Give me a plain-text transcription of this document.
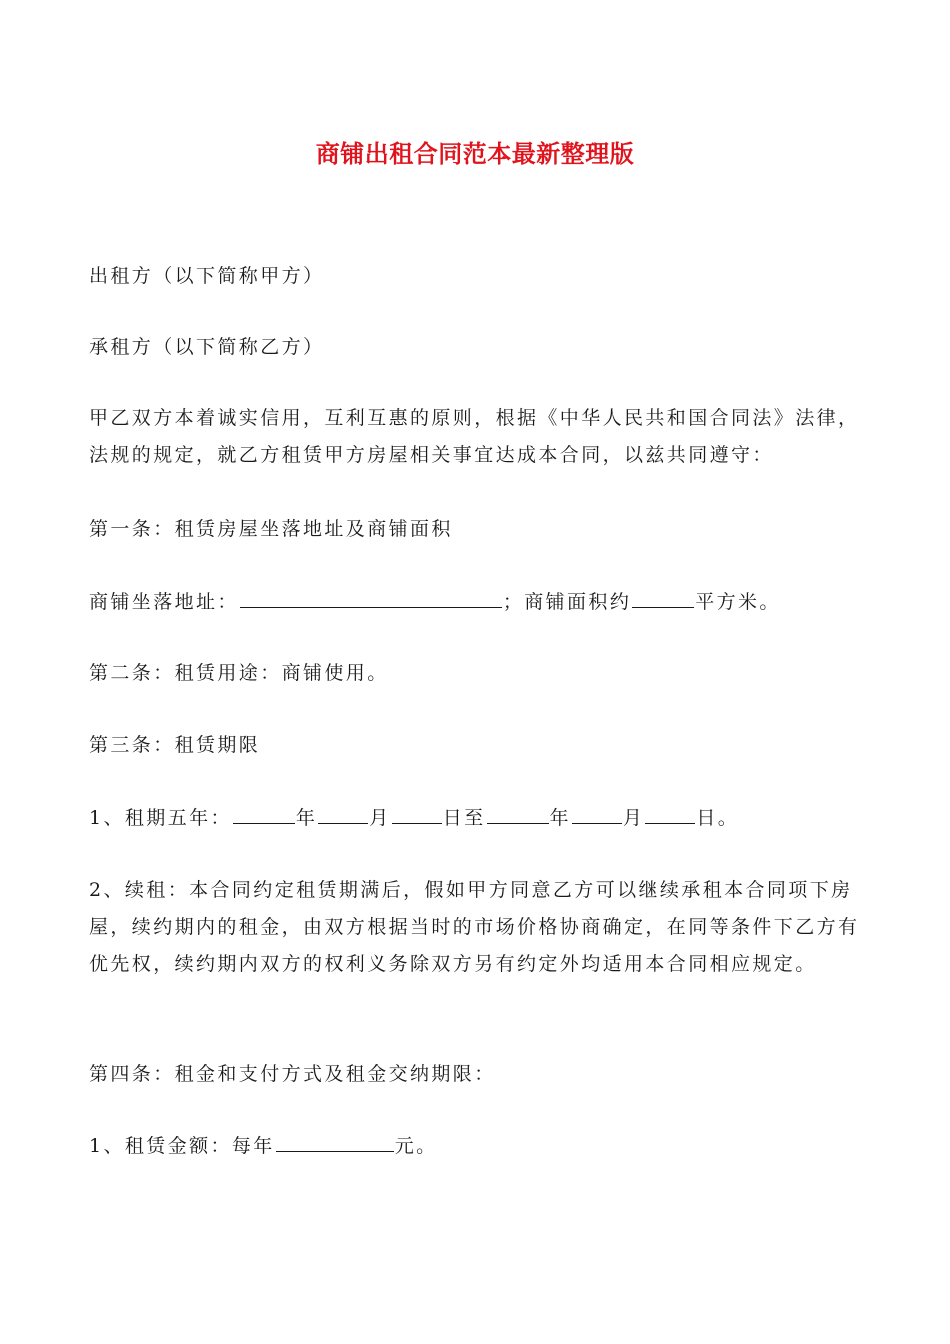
商铺出租合同范本最新整理版
出租方（以下简称甲方）
承租方（以下简称乙方）
甲乙双方本着诚实信用，互利互惠的原则，根据《中华人民共和国合同法》法律，法规的规定，就乙方租赁甲方房屋相关事宜达成本合同，以兹共同遵守：
第一条：租赁房屋坐落地址及商铺面积
商铺坐落地址：	；商铺面积约	平方米。
第二条：租赁用途：商铺使用。
第三条：租赁期限
1、租期五年：	年	月	日至	年	月	日。
2、续租：本合同约定租赁期满后，假如甲方同意乙方可以继续承租本合同项下房屋，续约期内的租金，由双方根据当时的市场价格协商确定，在同等条件下乙方有优先权，续约期内双方的权利义务除双方另有约定外均适用本合同相应规定。
第四条：租金和支付方式及租金交纳期限：
1、租赁金额：每年	元。
